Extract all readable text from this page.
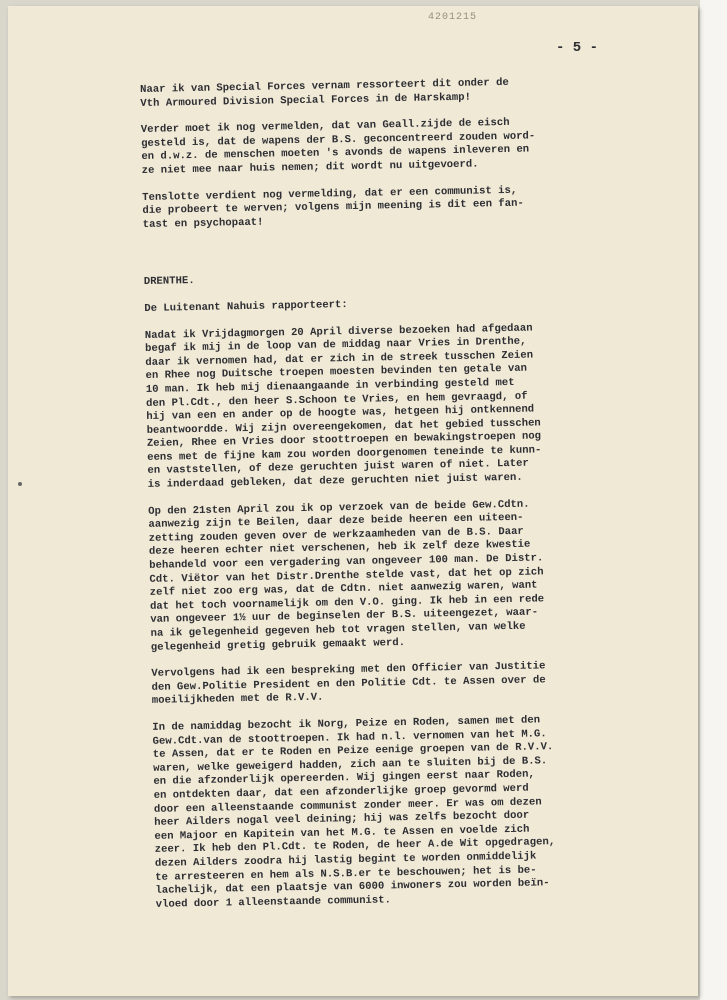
4201215
- 5 -

Naar ik van Special Forces vernam ressorteert dit onder de
Vth Armoured Division Special Forces in de Harskamp!

Verder moet ik nog vermelden, dat van Geall.zijde de eisch
gesteld is, dat de wapens der B.S. geconcentreerd zouden word-
en d.w.z. de menschen moeten 's avonds de wapens inleveren en
ze niet mee naar huis nemen; dit wordt nu uitgevoerd.

Tenslotte verdient nog vermelding, dat er een communist is,
die probeert te werven; volgens mijn meening is dit een fan-
tast en psychopaat!

DRENTHE.

De Luitenant Nahuis rapporteert:

Nadat ik Vrijdagmorgen 20 April diverse bezoeken had afgedaan
begaf ik mij in de loop van de middag naar Vries in Drenthe,
daar ik vernomen had, dat er zich in de streek tusschen Zeien
en Rhee nog Duitsche troepen moesten bevinden ten getale van
10 man. Ik heb mij dienaangaande in verbinding gesteld met
den Pl.Cdt., den heer S.Schoon te Vries, en hem gevraagd, of
hij van een en ander op de hoogte was, hetgeen hij ontkennend
beantwoordde. Wij zijn overeengekomen, dat het gebied tusschen
Zeien, Rhee en Vries door stoottroepen en bewakingstroepen nog
eens met de fijne kam zou worden doorgenomen teneinde te kunn-
en vaststellen, of deze geruchten juist waren of niet. Later
is inderdaad gebleken, dat deze geruchten niet juist waren.

Op den 21sten April zou ik op verzoek van de beide Gew.Cdtn.
aanwezig zijn te Beilen, daar deze beide heeren een uiteen-
zetting zouden geven over de werkzaamheden van de B.S. Daar
deze heeren echter niet verschenen, heb ik zelf deze kwestie
behandeld voor een vergadering van ongeveer 100 man. De Distr.
Cdt. Viëtor van het Distr.Drenthe stelde vast, dat het op zich
zelf niet zoo erg was, dat de Cdtn. niet aanwezig waren, want
dat het toch voornamelijk om den V.O. ging. Ik heb in een rede
van ongeveer 1½ uur de beginselen der B.S. uiteengezet, waar-
na ik gelegenheid gegeven heb tot vragen stellen, van welke
gelegenheid gretig gebruik gemaakt werd.

Vervolgens had ik een bespreking met den Officier van Justitie
den Gew.Politie President en den Politie Cdt. te Assen over de
moeilijkheden met de R.V.V.

In de namiddag bezocht ik Norg, Peize en Roden, samen met den
Gew.Cdt.van de stoottroepen. Ik had n.l. vernomen van het M.G.
te Assen, dat er te Roden en Peize eenige groepen van de R.V.V.
waren, welke geweigerd hadden, zich aan te sluiten bij de B.S.
en die afzonderlijk opereerden. Wij gingen eerst naar Roden,
en ontdekten daar, dat een afzonderlijke groep gevormd werd
door een alleenstaande communist zonder meer. Er was om dezen
heer Ailders nogal veel deining; hij was zelfs bezocht door
een Majoor en Kapitein van het M.G. te Assen en voelde zich
zeer. Ik heb den Pl.Cdt. te Roden, de heer A.de Wit opgedragen,
dezen Ailders zoodra hij lastig begint te worden onmiddelijk
te arresteeren en hem als N.S.B.er te beschouwen; het is be-
lachelijk, dat een plaatsje van 6000 inwoners zou worden beïn-
vloed door 1 alleenstaande communist.
